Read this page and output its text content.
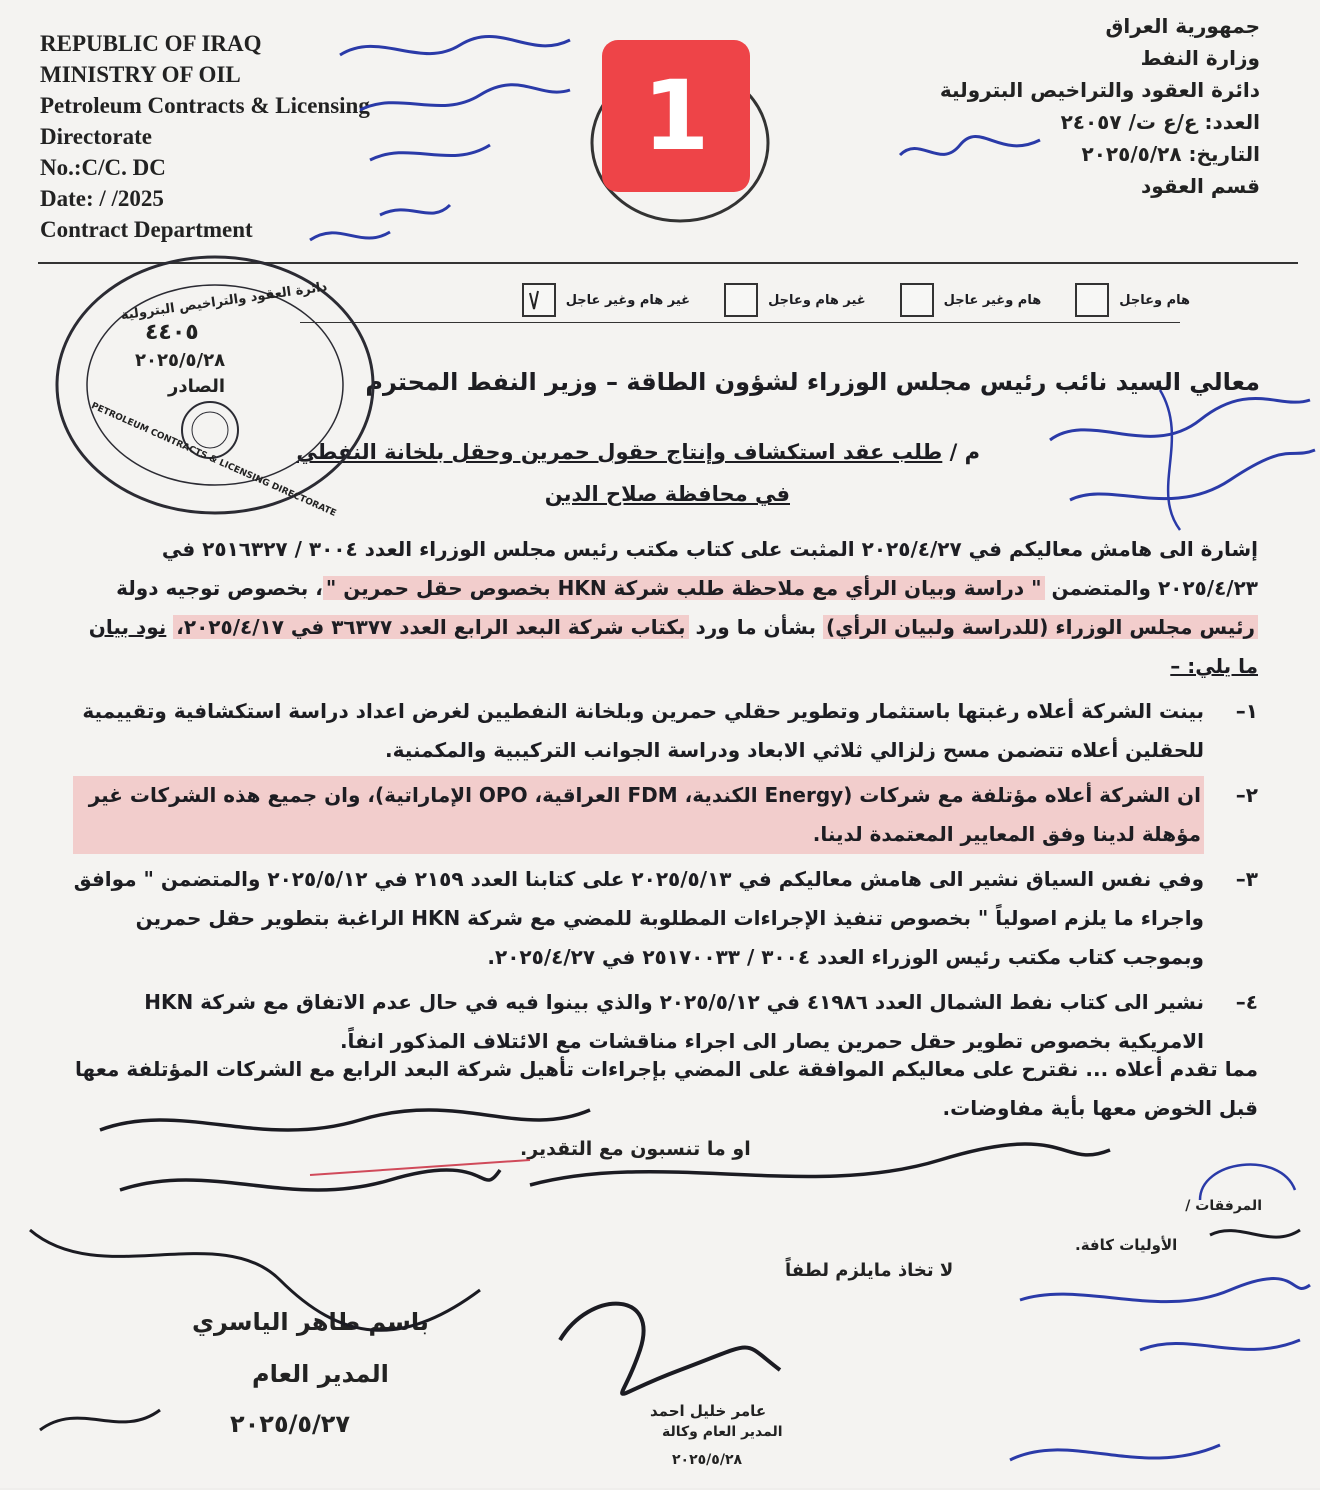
REPUBLIC OF IRAQ
MINISTRY OF OIL
Petroleum Contracts & Licensing
Directorate
No.:C/C. DC
Date: / /2025
Contract Department
جمهورية العراق
وزارة النفط
دائرة العقود والتراخيص البترولية
العدد: ع/ع ت/ ٢٤٠٥٧
التاريخ: ٢٠٢٥/٥/٢٨
قسم العقود
1
هام وعاجل
هام وغير عاجل
غير هام وعاجل
غير هام وغير عاجل
معالي السيد نائب رئيس مجلس الوزراء لشؤون الطاقة – وزير النفط المحترم
م / طلب عقد استكشاف وإنتاج حقول حمرين وحقل بلخانة النفطي
في محافظة صلاح الدين
إشارة الى هامش معاليكم في ٢٠٢٥/٤/٢٧ المثبت على كتاب مكتب رئيس مجلس الوزراء العدد ٣٠٠٤ / ٢٥١٦٣٢٧ في ٢٠٢٥/٤/٢٣ والمتضمن " دراسة وبيان الرأي مع ملاحظة طلب شركة HKN بخصوص حقل حمرين "، بخصوص توجيه دولة رئيس مجلس الوزراء (للدراسة ولبيان الرأي) بشأن ما ورد بكتاب شركة البعد الرابع العدد ٣٦٣٧٧ في ٢٠٢٥/٤/١٧، نود بيان ما يلي: –
١–
بينت الشركة أعلاه رغبتها باستثمار وتطوير حقلي حمرين وبلخانة النفطيين لغرض اعداد دراسة استكشافية وتقييمية للحقلين أعلاه تتضمن مسح زلزالي ثلاثي الابعاد ودراسة الجوانب التركيبية والمكمنية.
٢–
ان الشركة أعلاه مؤتلفة مع شركات (Energy الكندية، FDM العراقية، OPO الإماراتية)، وان جميع هذه الشركات غير مؤهلة لدينا وفق المعايير المعتمدة لدينا.
٣–
وفي نفس السياق نشير الى هامش معاليكم في ٢٠٢٥/٥/١٣ على كتابنا العدد ٢١٥٩ في ٢٠٢٥/٥/١٢ والمتضمن " موافق واجراء ما يلزم اصولياً " بخصوص تنفيذ الإجراءات المطلوبة للمضي مع شركة HKN الراغبة بتطوير حقل حمرين وبموجب كتاب مكتب رئيس الوزراء العدد ٣٠٠٤ / ٢٥١٧٠٠٣٣ في ٢٠٢٥/٤/٢٧.
٤–
نشير الى كتاب نفط الشمال العدد ٤١٩٨٦ في ٢٠٢٥/٥/١٢ والذي بينوا فيه في حال عدم الاتفاق مع شركة HKN الامريكية بخصوص تطوير حقل حمرين يصار الى اجراء مناقشات مع الائتلاف المذكور انفاً.
مما تقدم أعلاه ... نقترح على معاليكم الموافقة على المضي بإجراءات تأهيل شركة البعد الرابع مع الشركات المؤتلفة معها قبل الخوض معها بأية مفاوضات.
او ما تنسبون مع التقدير.
المرفقات /
الأوليات كافة.
لا تخاذ مايلزم لطفاً
باسم طاهر الياسري
المدير العام
٢٠٢٥/٥/٢٧	عامر خليل احمد
المدير العام وكالة
٢٠٢٥/٥/٢٨
دائرة العقود والتراخيص البترولية
٤٤٠٥
٢٠٢٥/٥/٢٨
الصادر
PETROLEUM CONTRACTS & LICENSING DIRECTORATE
